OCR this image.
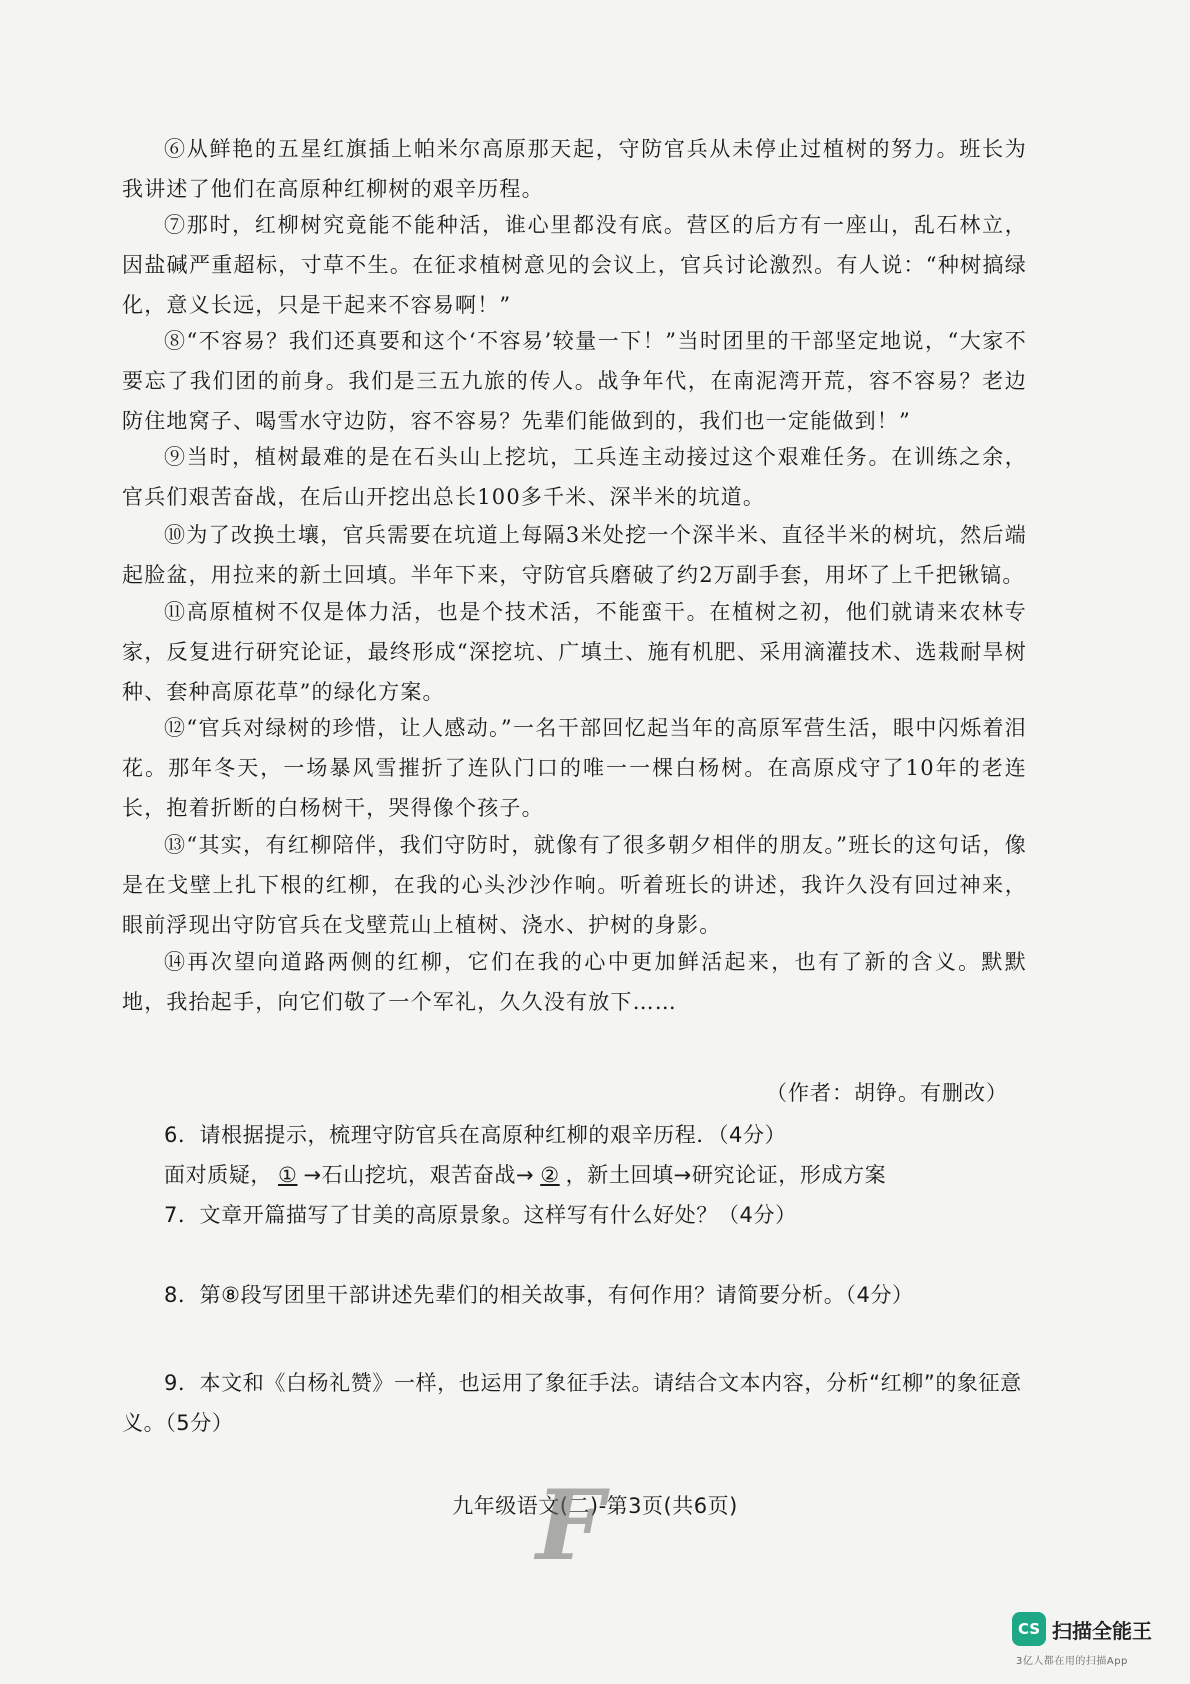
⑥从鲜艳的五星红旗插上帕米尔高原那天起，守防官兵从未停止过植树的努力。班长为我讲述了他们在高原种红柳树的艰辛历程。

⑦那时，红柳树究竟能不能种活，谁心里都没有底。营区的后方有一座山，乱石林立，因盐碱严重超标，寸草不生。在征求植树意见的会议上，官兵讨论激烈。有人说：“种树搞绿化，意义长远，只是干起来不容易啊！”

⑧“不容易？我们还真要和这个‘不容易’较量一下！”当时团里的干部坚定地说，“大家不要忘了我们团的前身。我们是三五九旅的传人。战争年代，在南泥湾开荒，容不容易？老边防住地窝子、喝雪水守边防，容不容易？先辈们能做到的，我们也一定能做到！”

⑨当时，植树最难的是在石头山上挖坑，工兵连主动接过这个艰难任务。在训练之余，官兵们艰苦奋战，在后山开挖出总长100多千米、深半米的坑道。

⑩为了改换土壤，官兵需要在坑道上每隔3米处挖一个深半米、直径半米的树坑，然后端起脸盆，用拉来的新土回填。半年下来，守防官兵磨破了约2万副手套，用坏了上千把锹镐。

⑪高原植树不仅是体力活，也是个技术活，不能蛮干。在植树之初，他们就请来农林专家，反复进行研究论证，最终形成“深挖坑、广填土、施有机肥、采用滴灌技术、选栽耐旱树种、套种高原花草”的绿化方案。

⑫“官兵对绿树的珍惜，让人感动。”一名干部回忆起当年的高原军营生活，眼中闪烁着泪花。那年冬天，一场暴风雪摧折了连队门口的唯一一棵白杨树。在高原戍守了10年的老连长，抱着折断的白杨树干，哭得像个孩子。

⑬“其实，有红柳陪伴，我们守防时，就像有了很多朝夕相伴的朋友。”班长的这句话，像是在戈壁上扎下根的红柳，在我的心头沙沙作响。听着班长的讲述，我许久没有回过神来，眼前浮现出守防官兵在戈壁荒山上植树、浇水、护树的身影。

⑭再次望向道路两侧的红柳，它们在我的心中更加鲜活起来，也有了新的含义。默默地，我抬起手，向它们敬了一个军礼，久久没有放下……

（作者：胡铮。有删改）

6．请根据提示，梳理守防官兵在高原种红柳的艰辛历程．（4分）

面对质疑， ① →石山挖坑，艰苦奋战→ ② ，新土回填→研究论证，形成方案

7．文章开篇描写了甘美的高原景象。这样写有什么好处？（4分）

8．第⑧段写团里干部讲述先辈们的相关故事，有何作用？请简要分析。（4分）

9．本文和《白杨礼赞》一样，也运用了象征手法。请结合文本内容，分析“红柳”的象征意义。（5分）

九年级语文(二)-第3页(共6页)

F
CS 扫描全能王
3亿人都在用的扫描App
